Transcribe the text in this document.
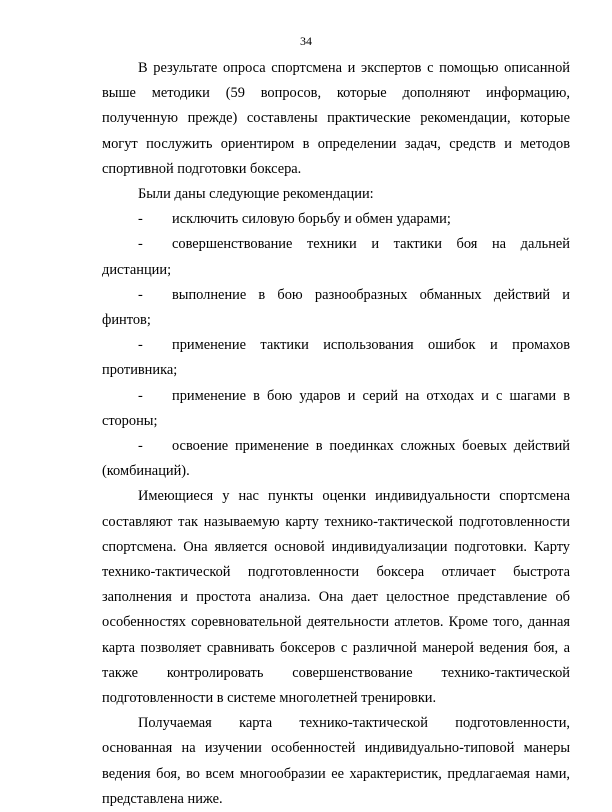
34

В результате опроса спортсмена и экспертов с помощью описанной выше методики (59 вопросов, которые дополняют информацию, полученную прежде) составлены практические рекомендации, которые могут послужить ориентиром в определении задач, средств и методов спортивной подготовки боксера.

Были даны следующие рекомендации:

- исключить силовую борьбу и обмен ударами;

- совершенствование техники и тактики боя на дальней дистанции;

- выполнение в бою разнообразных обманных действий и финтов;

- применение тактики использования ошибок и промахов противника;

- применение в бою ударов и серий на отходах и с шагами в стороны;

- освоение применение в поединках сложных боевых действий (комбинаций).

Имеющиеся у нас пункты оценки индивидуальности спортсмена составляют так называемую карту технико-тактической подготовленности спортсмена. Она является основой индивидуализации подготовки. Карту технико-тактической подготовленности боксера отличает быстрота заполнения и простота анализа. Она дает целостное представление об особенностях соревновательной деятельности атлетов. Кроме того, данная карта позволяет сравнивать боксеров с различной манерой ведения боя, а также контролировать совершенствование технико-тактической подготовленности в системе многолетней тренировки.

Получаемая карта технико-тактической подготовленности, основанная на изучении особенностей индивидуально-типовой манеры ведения боя, во всем многообразии ее характеристик, предлагаемая нами, представлена ниже.
